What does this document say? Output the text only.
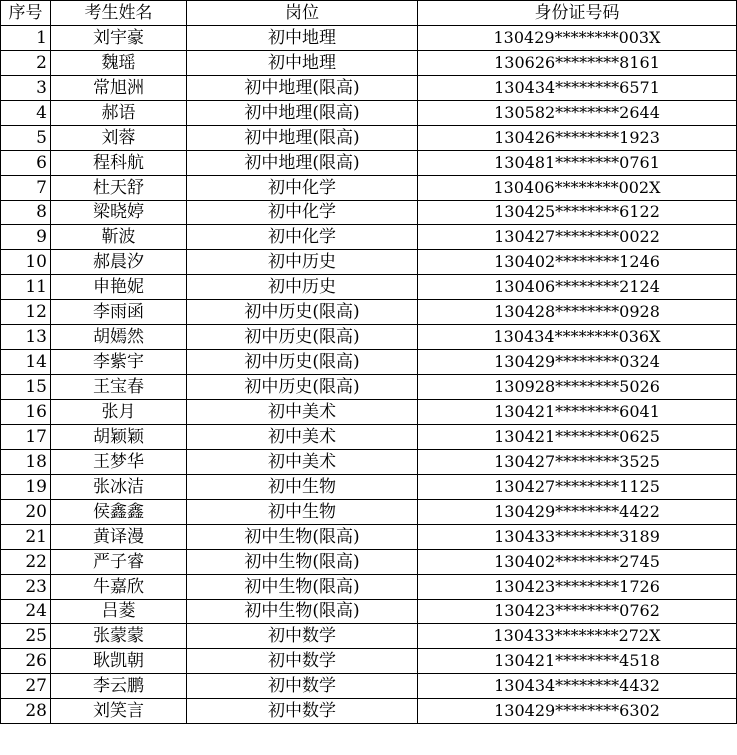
序号	考生姓名	岗位	身份证号码
1	刘宇豪	初中地理	130429********003X
2	魏瑶	初中地理	130626********8161
3	常旭洲	初中地理(限高)	130434********6571
4	郝语	初中地理(限高)	130582********2644
5	刘蓉	初中地理(限高)	130426********1923
6	程科航	初中地理(限高)	130481********0761
7	杜天舒	初中化学	130406********002X
8	梁晓婷	初中化学	130425********6122
9	靳波	初中化学	130427********0022
10	郝晨汐	初中历史	130402********1246
11	申艳妮	初中历史	130406********2124
12	李雨函	初中历史(限高)	130428********0928
13	胡嫣然	初中历史(限高)	130434********036X
14	李紫宇	初中历史(限高)	130429********0324
15	王宝春	初中历史(限高)	130928********5026
16	张月	初中美术	130421********6041
17	胡颖颖	初中美术	130421********0625
18	王梦华	初中美术	130427********3525
19	张冰洁	初中生物	130427********1125
20	侯鑫鑫	初中生物	130429********4422
21	黄译漫	初中生物(限高)	130433********3189
22	严子睿	初中生物(限高)	130402********2745
23	牛嘉欣	初中生物(限高)	130423********1726
24	吕菱	初中生物(限高)	130423********0762
25	张蒙蒙	初中数学	130433********272X
26	耿凯朝	初中数学	130421********4518
27	李云鹏	初中数学	130434********4432
28	刘笑言	初中数学	130429********6302
